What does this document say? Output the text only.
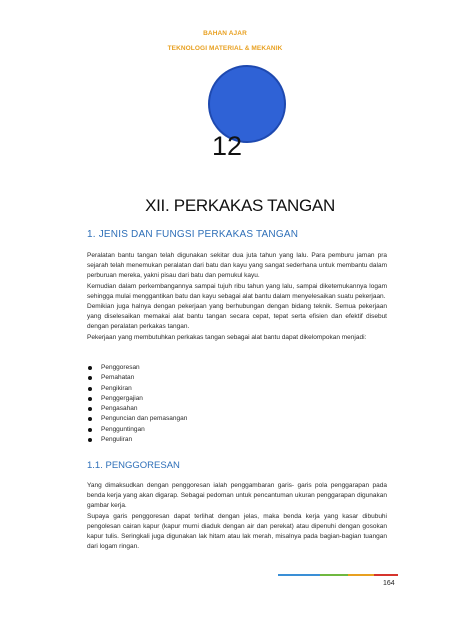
BAHAN AJAR
TEKNOLOGI MATERIAL & MEKANIK
12
XII. PERKAKAS TANGAN
1. JENIS DAN FUNGSI PERKAKAS TANGAN

Peralatan bantu tangan telah digunakan sekitar dua juta tahun yang lalu. Para pemburu jaman pra sejarah telah menemukan peralatan dari batu dan kayu yang sangat sederhana untuk membantu dalam perburuan mereka, yakni pisau dari batu dan pemukul kayu.

Kemudian dalam perkembangannya sampai tujuh ribu tahun yang lalu, sampai diketemukannya logam sehingga mulai menggantikan batu dan kayu sebagai alat bantu dalam menyelesaikan suatu pekerjaan.

Demikian juga halnya dengan pekerjaan yang berhubungan dengan bidang teknik. Semua pekerjaan yang diselesaikan memakai alat bantu tangan secara cepat, tepat serta efisien dan efektif disebut dengan peralatan perkakas tangan.

Pekerjaan yang membutuhkan perkakas tangan sebagai alat bantu dapat dikelompokan menjadi:

Penggoresan
Pemahatan
Pengikiran
Penggergajian
Pengasahan
Penguncian dan pemasangan
Pengguntingan
Penguliran
1.1. PENGGORESAN

Yang dimaksudkan dengan penggoresan ialah penggambaran garis- garis pola penggarapan pada benda kerja yang akan digarap. Sebagai pedoman untuk pencantuman ukuran penggarapan digunakan gambar kerja.

Supaya garis penggoresan dapat terlihat dengan jelas, maka benda kerja yang kasar dibubuhi pengolesan cairan kapur (kapur murni diaduk dengan air dan perekat) atau dipenuhi dengan gosokan kapur tulis. Seringkali juga digunakan lak hitam atau lak merah, misalnya pada bagian-bagian tuangan dari logam ringan.

164
